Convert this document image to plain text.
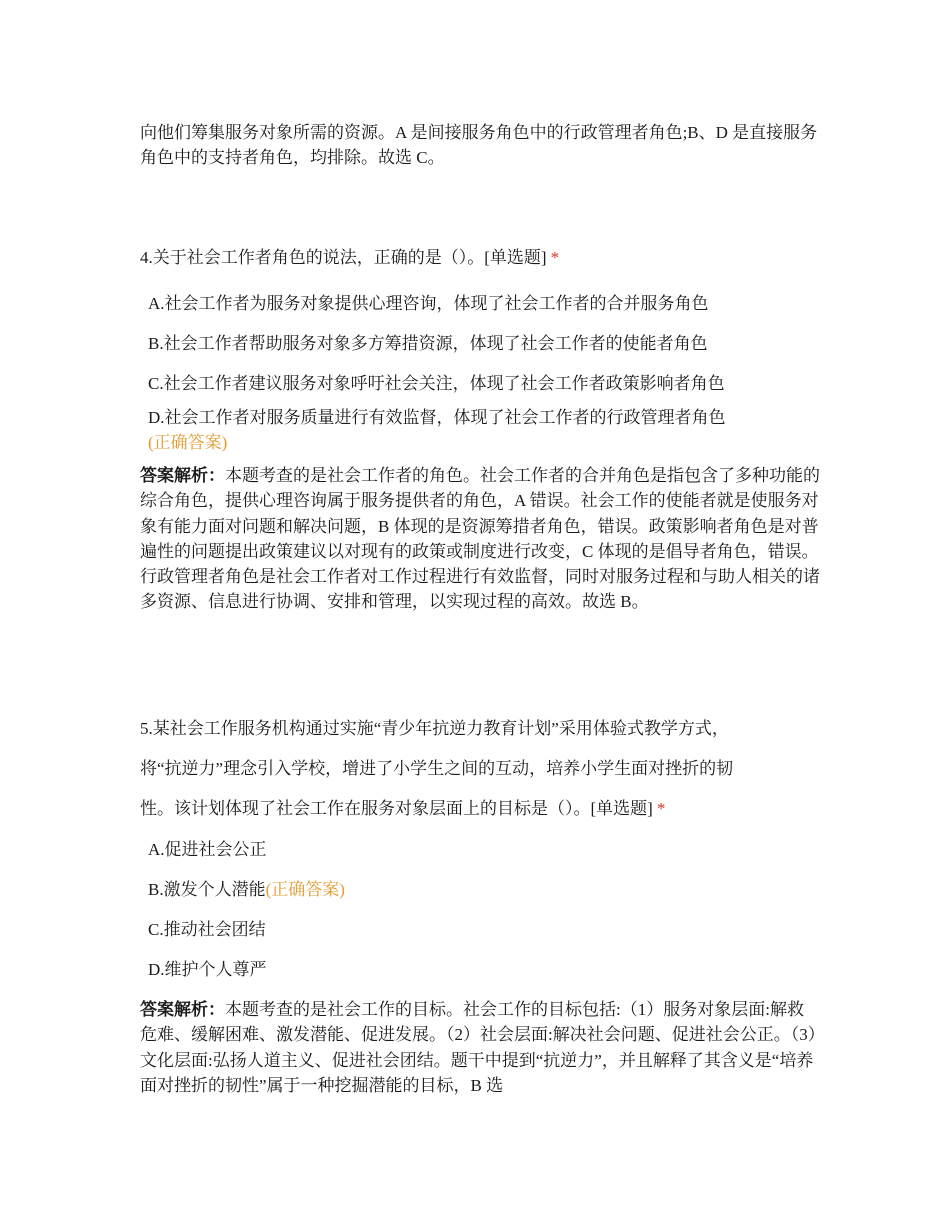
向他们筹集服务对象所需的资源。A 是间接服务角色中的行政管理者角色;B、D 是直接服务角色中的支持者角色，均排除。故选 C。

4.关于社会工作者角色的说法，正确的是（）。[单选题] *
A.社会工作者为服务对象提供心理咨询，体现了社会工作者的合并服务角色
B.社会工作者帮助服务对象多方筹措资源，体现了社会工作者的使能者角色
C.社会工作者建议服务对象呼吁社会关注，体现了社会工作者政策影响者角色
D.社会工作者对服务质量进行有效监督，体现了社会工作者的行政管理者角色
(正确答案)

答案解析：本题考查的是社会工作者的角色。社会工作者的合并角色是指包含了多种功能的综合角色，提供心理咨询属于服务提供者的角色，A 错误。社会工作的使能者就是使服务对象有能力面对问题和解决问题，B 体现的是资源筹措者角色，错误。政策影响者角色是对普遍性的问题提出政策建议以对现有的政策或制度进行改变，C 体现的是倡导者角色，错误。行政管理者角色是社会工作者对工作过程进行有效监督，同时对服务过程和与助人相关的诸多资源、信息进行协调、安排和管理，以实现过程的高效。故选 B。

5.某社会工作服务机构通过实施“青少年抗逆力教育计划”采用体验式教学方式，
将“抗逆力”理念引入学校，增进了小学生之间的互动，培养小学生面对挫折的韧
性。该计划体现了社会工作在服务对象层面上的目标是（）。[单选题] *
A.促进社会公正
B.激发个人潜能(正确答案)
C.推动社会团结
D.维护个人尊严

答案解析：本题考查的是社会工作的目标。社会工作的目标包括:（1）服务对象层面:解救危难、缓解困难、激发潜能、促进发展。（2）社会层面:解决社会问题、促进社会公正。（3）文化层面:弘扬人道主义、促进社会团结。题干中提到“抗逆力”，并且解释了其含义是“培养面对挫折的韧性”属于一种挖掘潜能的目标，B 选
